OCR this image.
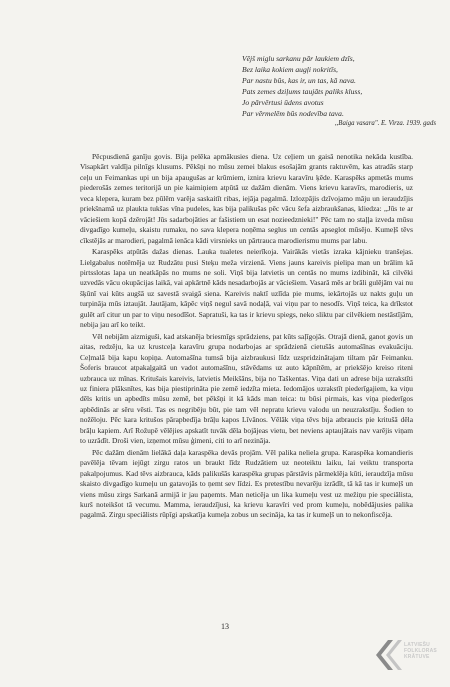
Vējš miglu sarkanu pār laukiem dzīs,
Bez laika kokiem augļi nokritīs,
Par nastu būs, kas ir, un tas, kā nava.
Pats zemes dziļums taujāts paliks kluss,
Jo pārvērtusi ūdens avotus
Par vērmelēm būs nodevība tava.
,,Baiga vasara". E. Virza. 1939. gads

Pēcpusdienā ganīju govis. Bija pelēka apmākusies diena. Uz ceļiem un gaisā nenotika nekāda kustība. Visapkārt valdīja pilnīgs klusums. Pēkšņi no mūsu zemei blakus esošajām grants raktuvēm, kas atradās starp ceļu un Feimankas upi un bija apaugušas ar krūmiem, iznira krievu karavīru ķēde. Karaspēks apmetās mums piederošās zemes teritorijā un pie kaimiņiem atpūtā uz dažām dienām. Viens krievu karavīrs, marodieris, uz veca klepera, kuram bez pūlēm varēja saskaitīt ribas, iejāja pagalmā. Izlozpājis dzīvojamo māju un ieraudzījis priekšnamā uz plaukta tukšas vīna pudeles, kas bija palikušas pēc vācu šefa aizbraukšanas, kliedza: ,,Jūs te ar vāciešiem kopā dzērojāt! Jūs sadarbojāties ar fašistiem un esat nozieedznieki!" Pēc tam no staļļa izveda mūsu divgadīgo kumeļu, skaistu rumaku, no sava klepera noņēma seglus un centās apseglot mūsējo. Kumeļš tēvs cīkstējās ar marodieri, pagalmā ienāca kādi virsnieks un pārtrauca marodierismu mums par labu.

Karaspēks atpūtās dažas dienas. Lauka tualetes neierīkoja. Vairākās vietās izraka kājnieku tranšejas. Lielgabalus notēmēja uz Rudzātu pusi Steķu meža virzienā. Viens jauns kareivis pielipa man un brālim kā pirtsslotas lapa un neatkāpās no mums ne soli. Viņš bija latvietis un centās no mums izdibināt, kā cilvēki uzvedās vācu okupācijas laikā, vai apkārtnē kāds nesadarbojās ar vāciešiem. Vasarā mēs ar brāli gulējām vai nu šķūnī vai kūts augšā uz savestā svaigā siena. Kareivis naktī uzlīda pie mums, iekārtojās uz nakts guļu un turpināja mūs iztaujāt. Jautājam, kāpēc viņš negul savā nodaļā, vai viņu par to nesodīs. Viņš teica, ka drīkstot gulēt arī citur un par to viņu nesodīšot. Sapratuši, ka tas ir krievu spiegs, neko sliktu par cilvēkiem nestāstījām, nebija jau arī ko teikt.

Vēl nebijām aizmiguši, kad atskanēja briesmīgs sprādziens, pat kūts saļīgojās. Otrajā dienā, ganot govis un aitas, redzēju, ka uz krustceļa karavīru grupa nodarbojas ar sprādzienā cietušās automašīnas evakuāciju. Ceļmalā bija kapu kopiņa. Automašīna tumsā bija aizbraukusi līdz uzspridzinātajam tiltam pār Feimanku. Šoferis braucot atpakaļgaitā un vadot automašīnu, stāvēdams uz auto kāpnītēm, ar priekšējo kreiso riteni uzbrauca uz mīnas. Kritušais kareivis, latvietis Meikšāns, bija no Taškentas. Viņa dati un adrese bija uzrakstīti uz finiera plāksnītes, kas bija piestiprināta pie zemē iedzīta mieta. Iedomājos uzrakstīt piederīgajiem, ka viņu dēls kritis un apbedīts mūsu zemē, bet pēkšņi it kā kāds man teica: tu būsi pirmais, kas viņa piederīgos apbēdinās ar sēru vēsti. Tas es negribēju būt, pie tam vēl nepratu krievu valodu un neuzrakstīju. Šodien to nožēloju. Pēc kara kritušos pārapbedīja brāļu kapos Līvānos. Vēlāk viņa tēvs bija atbraucis pie kritušā dēla brāļu kapiem. Arī Rožupē vēlējies apskatīt tuvāk dēla bojājeas vietu, bet neviens aptaujātais nav varējis viņam to uzrādīt. Droši vien, izņemot mūsu ģimeni, citi to arī nezināja.

Pēc dažām dienām lielākā daļa karaspēka devās projām. Vēl palika neliela grupa. Karaspēka komandieris pavēlēja tēvam iejūgt zirgu ratos un braukt līdz Rudzātiem uz neoteiktu laiku, lai veiktu transporta pakalpojumus. Kad tēvs aizbrauca, kāds palikušās karaspēka grupas pārstāvis pārmeklēja kūti, ieraudzīja mūsu skaisto divgadīgo kumeļu un gatavojās to ņemt sev līdzi. Es pretestību nevarēju izrādīt, tā kā tas ir kumeļš un viens mūsu zirgs Sarkanā armijā ir jau paņemts. Man neticēja un lika kumeļu vest uz mežiņu pie speciālista, kurš noteikšot tā vecumu. Mamma, ieraudzījusi, ka krievu karavīri ved prom kumeļu, nobēdājusies palika pagalmā. Zirgu speciālists rūpīgi apskatīja kumeļa zobus un secināja, ka tas ir kumeļš un to nekonfiscēja.

13
LATVIEŠU
FOLKLORAS
KRĀTUVE
